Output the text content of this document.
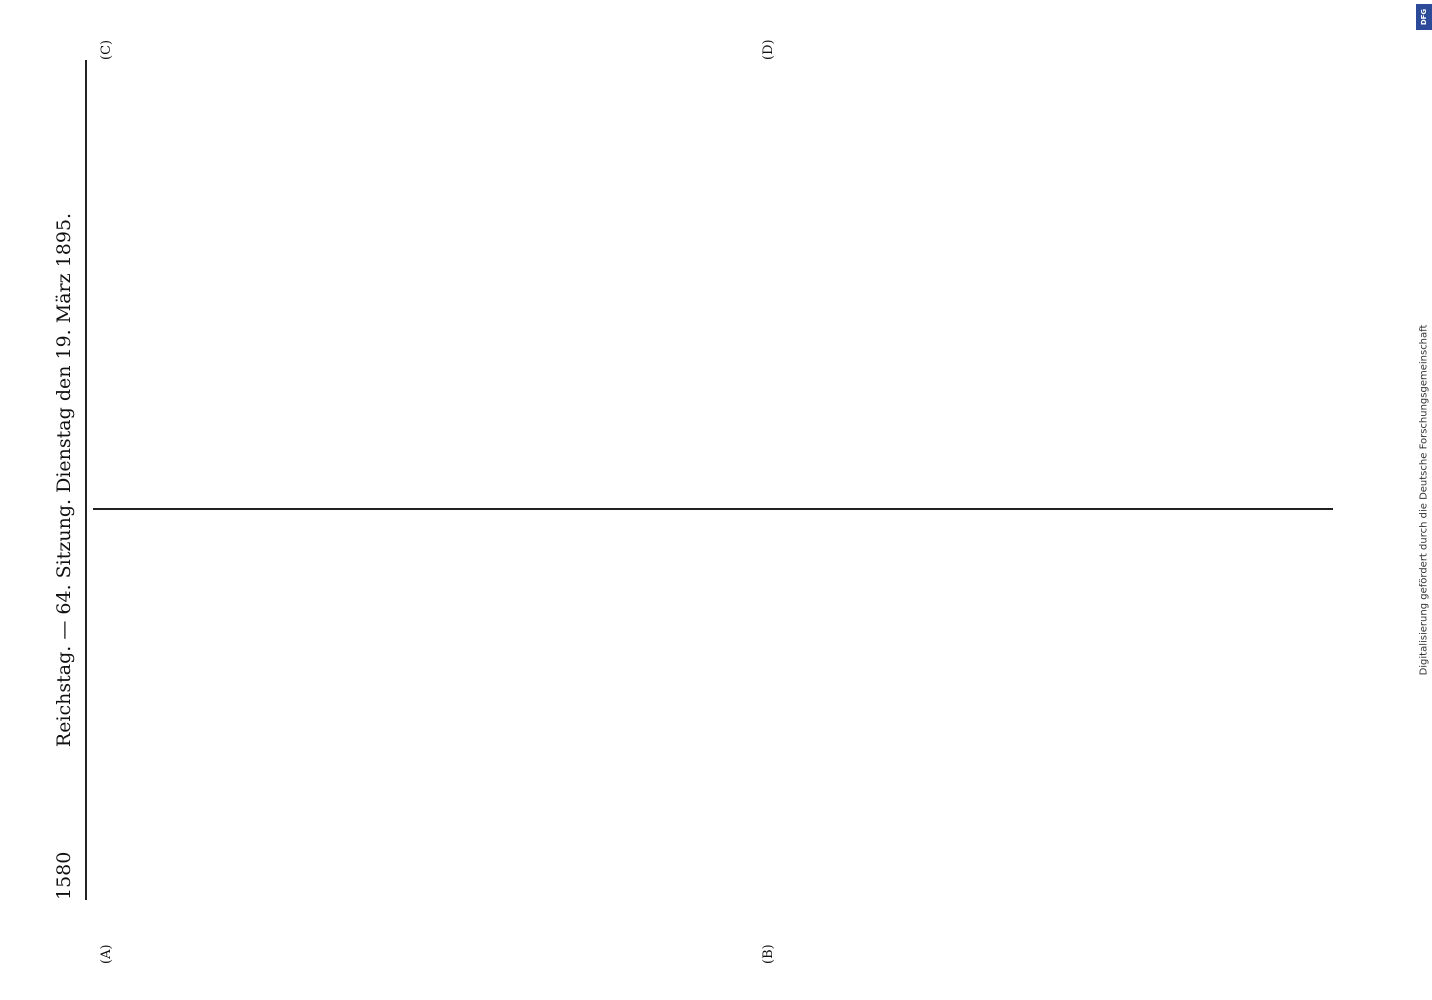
1580
Reichstag. — 64. Sitzung. Dienstag den 19. März 1895.
(A)	(B)
(C)	(D)
DFG
Digitalisierung gefördert durch die Deutsche Forschungsgemeinschaft
